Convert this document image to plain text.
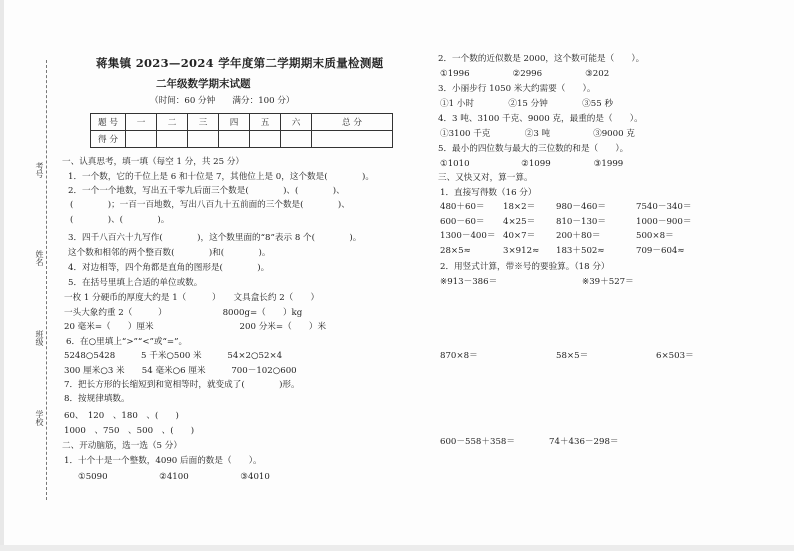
考号
姓名
班级
学校
蒋集镇 2023—2024 学年度第二学期期末质量检测题
二年级数学期末试题
（时间：60 分钟　　满分：100 分）
题 号	一	二	三	四	五	六	总 分
得 分							
一、认真思考，填一填（每空 1 分，共 25 分）
1．一个数，它的千位上是 6 和十位是 7，其他位上是 0，这个数是(　　　　)。
2．一个一个地数，写出五千零九后面三个数是(　　　　)、(　　　　)、
(　　　　)；一百一百地数，写出八百九十五前面的三个数是(　　　　)、
(　　　　)、(　　　　)。
3．四千八百六十九写作(　　　　)，这个数里面的“8”表示 8 个(　　　　)。
这个数和相邻的两个整百数(　　　　)和(　　　　)。
4．对边相等，四个角都是直角的图形是(　　　　)。
5．在括号里填上合适的单位或数。
一枚 1 分硬币的厚度大约是 1（　　　）　　文具盒长约 2（　　）
一头大象约重 2（　　　）　　　　　　　8000g=（　　）kg
20 毫米=（　　）厘米　　　　　　　　　　200 分米=（　　）米
6．在○里填上“>”“<”或“=”。
5248○5428　　　5 千米○500 米　　　54×2○52×4
300 厘米○3 米　　54 毫米○6 厘米　　　700－102○600
7．把长方形的长缩短到和宽相等时，就变成了(　　　　)形。
8．按规律填数。
60、　120　、180　、(　　)
1000　、750　、500　、(　　)
二、开动脑筋，选一选（5 分）
1．十个十是一个整数，4090 后面的数是（　　）。
①5090　　　　　　②4100　　　　　　③4010
2．一个数的近似数是 2000，这个数可能是（　　）。
①1996　　　　　②2996　　　　　③202
3．小丽步行 1050 米大约需要（　　）。
①1 小时　　　　②15 分钟　　　　③55 秒
4．3 吨、3100 千克、9000 克，最重的是（　　）。
①3100 千克　　　　②3 吨　　　　　③9000 克
5．最小的四位数与最大的三位数的和是（　　）。
①1010　　　　　　②1099　　　　　③1999
三、又快又对，算一算。
1．直接写得数（16 分）
480＋60＝ 18×2＝ 980－460＝	7540－340＝
600－60＝ 4×25＝ 810－130＝	1000－900＝
1300－400＝ 40×7＝ 200＋80＝	500×8＝
28×5≈	3×912≈ 183＋502≈	709－604≈
2．用竖式计算，带※号的要验算。（18 分）
※913－386＝	※39＋527＝
870×8＝	58×5＝	6×503＝
600－558＋358＝	74＋436－298＝
